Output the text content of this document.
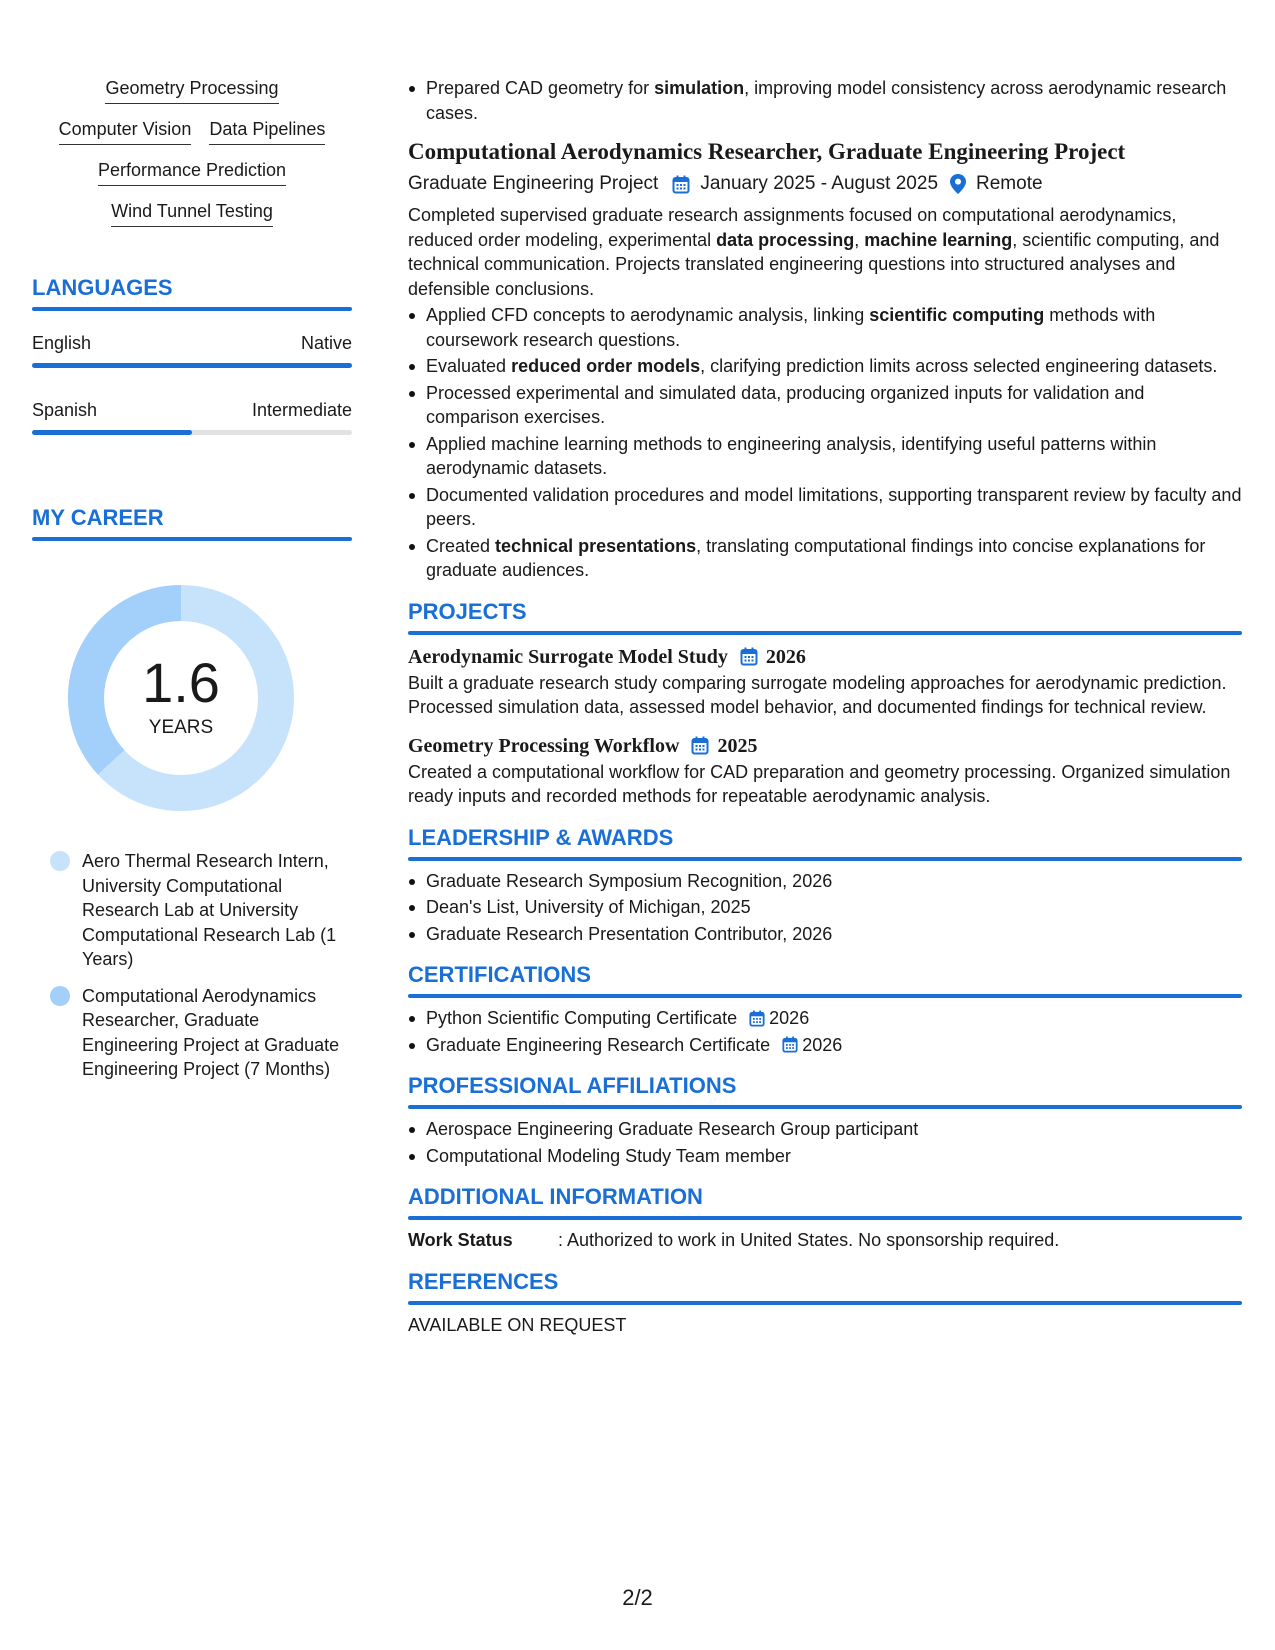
Geometry Processing
Computer Vision Data Pipelines
Performance Prediction
Wind Tunnel Testing
LANGUAGES
English	Native
Spanish	Intermediate
MY CAREER
1.6
YEARS
Aero Thermal Research Intern, University Computational Research Lab at University Computational Research Lab (1 Years)
Computational Aerodynamics Researcher, Graduate Engineering Project at Graduate Engineering Project (7 Months)
Prepared CAD geometry for simulation, improving model consistency across aerodynamic research cases.
Computational Aerodynamics Researcher, Graduate Engineering Project
Graduate Engineering Project January 2025 - August 2025 Remote
Completed supervised graduate research assignments focused on computational aerodynamics, reduced order modeling, experimental data processing, machine learning, scientific computing, and technical communication. Projects translated engineering questions into structured analyses and defensible conclusions.
Applied CFD concepts to aerodynamic analysis, linking scientific computing methods with coursework research questions.
Evaluated reduced order models, clarifying prediction limits across selected engineering datasets.
Processed experimental and simulated data, producing organized inputs for validation and comparison exercises.
Applied machine learning methods to engineering analysis, identifying useful patterns within aerodynamic datasets.
Documented validation procedures and model limitations, supporting transparent review by faculty and peers.
Created technical presentations, translating computational findings into concise explanations for graduate audiences.
PROJECTS
Aerodynamic Surrogate Model Study 2026
Built a graduate research study comparing surrogate modeling approaches for aerodynamic prediction. Processed simulation data, assessed model behavior, and documented findings for technical review.
Geometry Processing Workflow 2025
Created a computational workflow for CAD preparation and geometry processing. Organized simulation ready inputs and recorded methods for repeatable aerodynamic analysis.
LEADERSHIP & AWARDS
Graduate Research Symposium Recognition, 2026
Dean's List, University of Michigan, 2025
Graduate Research Presentation Contributor, 2026
CERTIFICATIONS
Python Scientific Computing Certificate 2026
Graduate Engineering Research Certificate 2026
PROFESSIONAL AFFILIATIONS
Aerospace Engineering Graduate Research Group participant
Computational Modeling Study Team member
ADDITIONAL INFORMATION
Work Status	: Authorized to work in United States. No sponsorship required.
REFERENCES
AVAILABLE ON REQUEST
2/2
